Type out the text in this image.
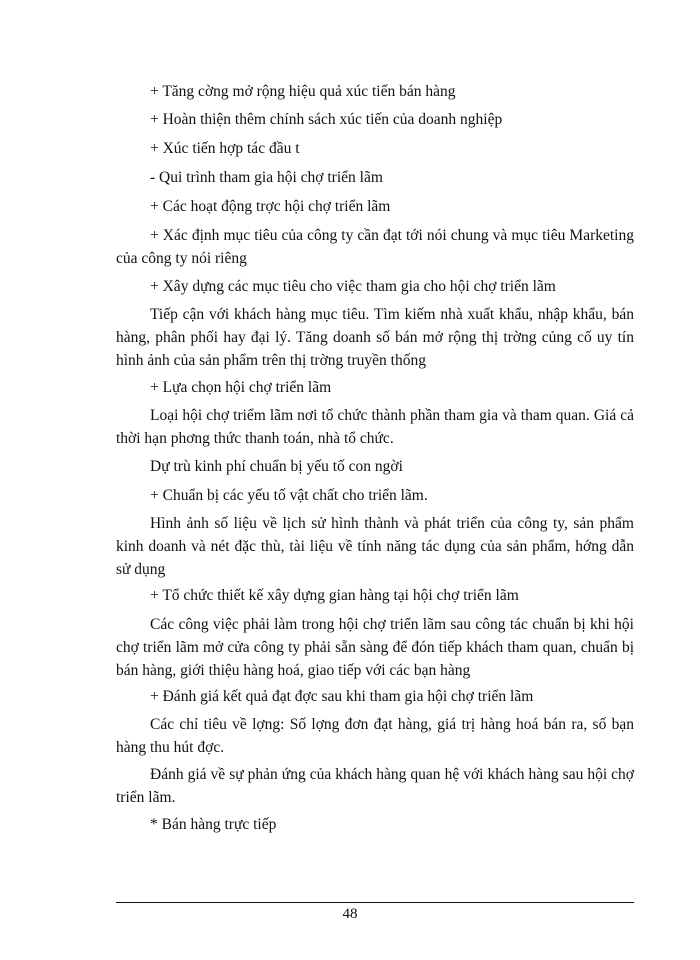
+ Tăng cờng mở rộng hiệu quả xúc tiến bán hàng

+ Hoàn thiện thêm chính sách xúc tiến của doanh nghiệp

+ Xúc tiến hợp tác đầu t

- Qui trình tham gia hội chợ triển lãm

+ Các hoạt động trợc hội chợ triển lãm

+ Xác định mục tiêu của công ty cần đạt tới nói chung và mục tiêu Marketing của công ty nói riêng

+ Xây dựng các mục tiêu cho việc tham gia cho hội chợ triển lãm

Tiếp cận với khách hàng mục tiêu. Tìm kiếm nhà xuất khẩu, nhập khẩu, bán hàng, phân phối hay đại lý. Tăng doanh số bán mở rộng thị trờng củng cố uy tín hình ảnh của sản phẩm trên thị trờng truyền thống

+ Lựa chọn hội chợ triển lãm

Loại hội chợ triểm lãm nơi tổ chức thành phần tham gia và tham quan. Giá cả thời hạn phơng thức thanh toán, nhà tổ chức.

Dự trù kinh phí chuẩn bị yếu tố con ngời

+ Chuẩn bị các yếu tố vật chất cho triển lãm.

Hình ảnh số liệu về lịch sử hình thành và phát triển của công ty, sản phẩm kinh doanh và nét đặc thù, tài liệu về tính năng tác dụng của sản phẩm, hớng dẫn sử dụng

+ Tổ chức thiết kế xây dựng gian hàng tại hội chợ triển lãm

Các công việc phải làm trong hội chợ triển lãm sau công tác chuẩn bị khi hội chợ triển lãm mở cửa công ty phải sẵn sàng để đón tiếp khách tham quan, chuẩn bị bán hàng, giới thiệu hàng hoá, giao tiếp với các bạn hàng

+ Đánh giá kết quả đạt đợc sau khi tham gia hội chợ triển lãm

Các chỉ tiêu về lợng: Số lợng đơn đạt hàng, giá trị hàng hoá bán ra, số bạn hàng thu hút đợc.

Đánh giá về sự phản ứng của khách hàng quan hệ với khách hàng sau hội chợ triển lãm.

* Bán hàng trực tiếp

48
